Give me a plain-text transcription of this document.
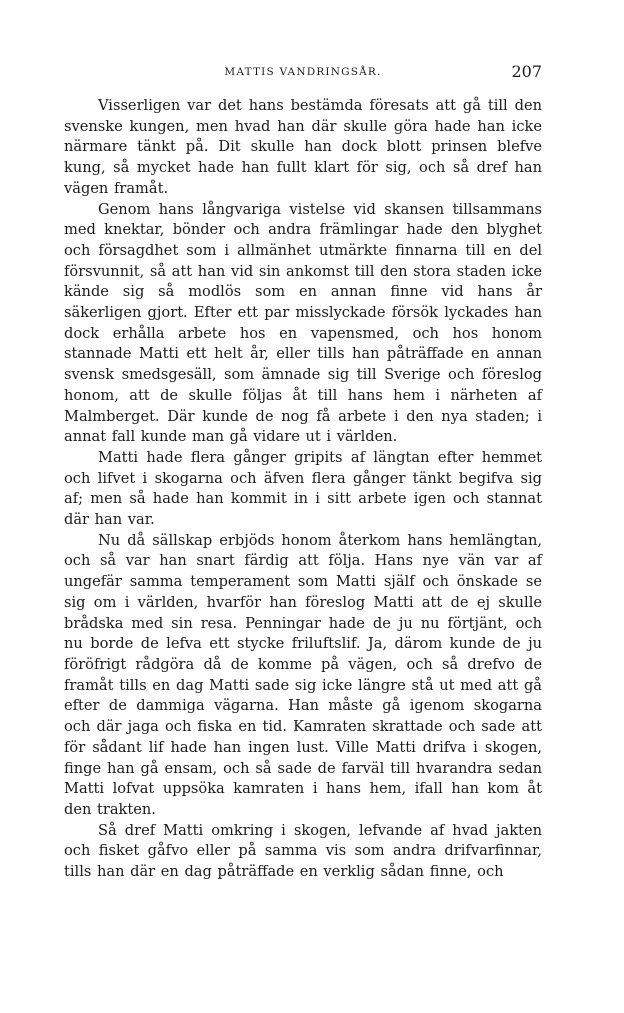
MATTIS VANDRINGSÅR.	207

Visserligen var det hans bestämda föresats att gå till den svenske kungen, men hvad han där skulle göra hade han icke närmare tänkt på. Dit skulle han dock blott prinsen blefve kung, så mycket hade han fullt klart för sig, och så dref han vägen framåt.

Genom hans långvariga vistelse vid skansen tillsammans med knektar, bönder och andra främlingar hade den blyghet och försagdhet som i allmänhet utmärkte finnarna till en del försvunnit, så att han vid sin ankomst till den stora staden icke kände sig så modlös som en annan finne vid hans år säkerligen gjort. Efter ett par misslyckade försök lyckades han dock erhålla arbete hos en vapensmed, och hos honom stannade Matti ett helt år, eller tills han påträffade en annan svensk smedsgesäll, som ämnade sig till Sverige och föreslog honom, att de skulle följas åt till hans hem i närheten af Malmberget. Där kunde de nog få arbete i den nya staden; i annat fall kunde man gå vidare ut i världen.

Matti hade flera gånger gripits af längtan efter hemmet och lifvet i skogarna och äfven flera gånger tänkt begifva sig af; men så hade han kommit in i sitt arbete igen och stannat där han var.

Nu då sällskap erbjöds honom återkom hans hemlängtan, och så var han snart färdig att följa. Hans nye vän var af ungefär samma temperament som Matti själf och önskade se sig om i världen, hvarför han föreslog Matti att de ej skulle brådska med sin resa. Penningar hade de ju nu förtjänt, och nu borde de lefva ett stycke friluftslif. Ja, därom kunde de ju föröfrigt rådgöra då de komme på vägen, och så drefvo de framåt tills en dag Matti sade sig icke längre stå ut med att gå efter de dammiga vägarna. Han måste gå igenom skogarna och där jaga och fiska en tid. Kamraten skrattade och sade att för sådant lif hade han ingen lust. Ville Matti drifva i skogen, finge han gå ensam, och så sade de farväl till hvarandra sedan Matti lofvat uppsöka kamraten i hans hem, ifall han kom åt den trakten.

Så dref Matti omkring i skogen, lefvande af hvad jakten och fisket gåfvo eller på samma vis som andra drifvarfinnar, tills han där en dag påträffade en verklig sådan finne, och
